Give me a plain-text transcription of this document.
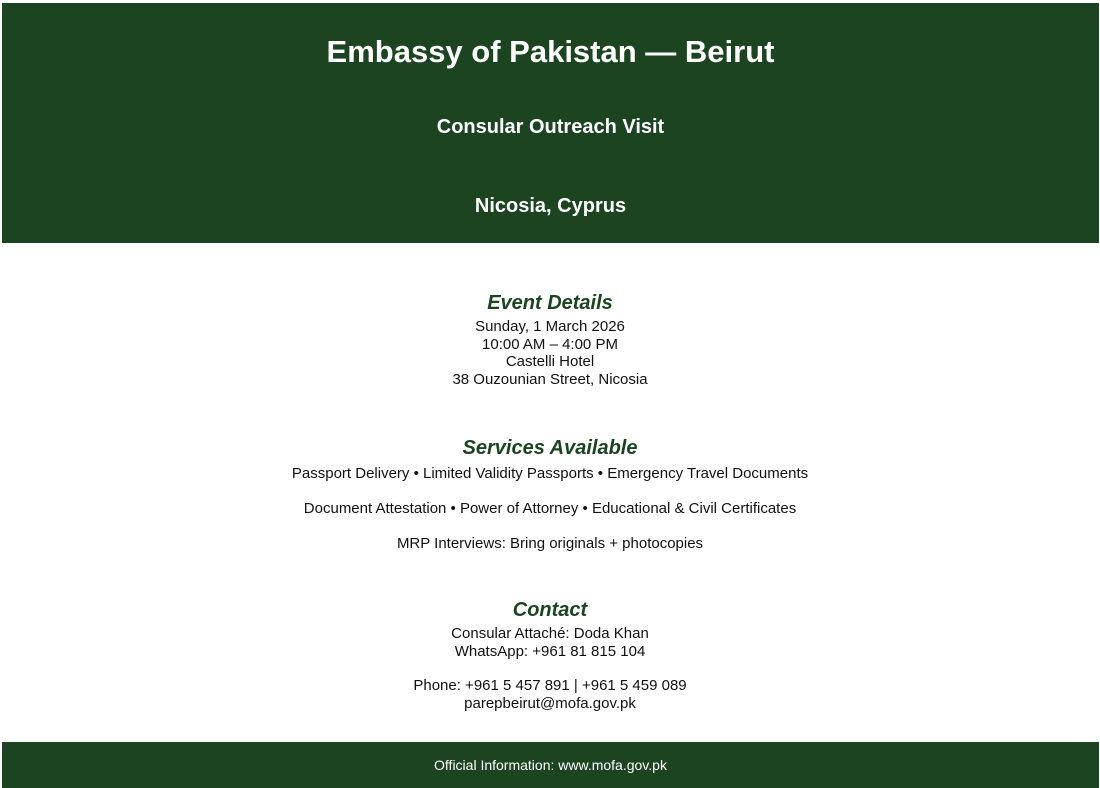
Embassy of Pakistan — Beirut
Consular Outreach Visit
Nicosia, Cyprus

Event Details

Sunday, 1 March 2026

10:00 AM – 4:00 PM

Castelli Hotel

38 Ouzounian Street, Nicosia

Services Available

Passport Delivery • Limited Validity Passports • Emergency Travel Documents

Document Attestation • Power of Attorney • Educational & Civil Certificates

MRP Interviews: Bring originals + photocopies

Contact

Consular Attaché: Doda Khan

WhatsApp: +961 81 815 104

Phone: +961 5 457 891 | +961 5 459 089

parepbeirut@mofa.gov.pk

Official Information: www.mofa.gov.pk
